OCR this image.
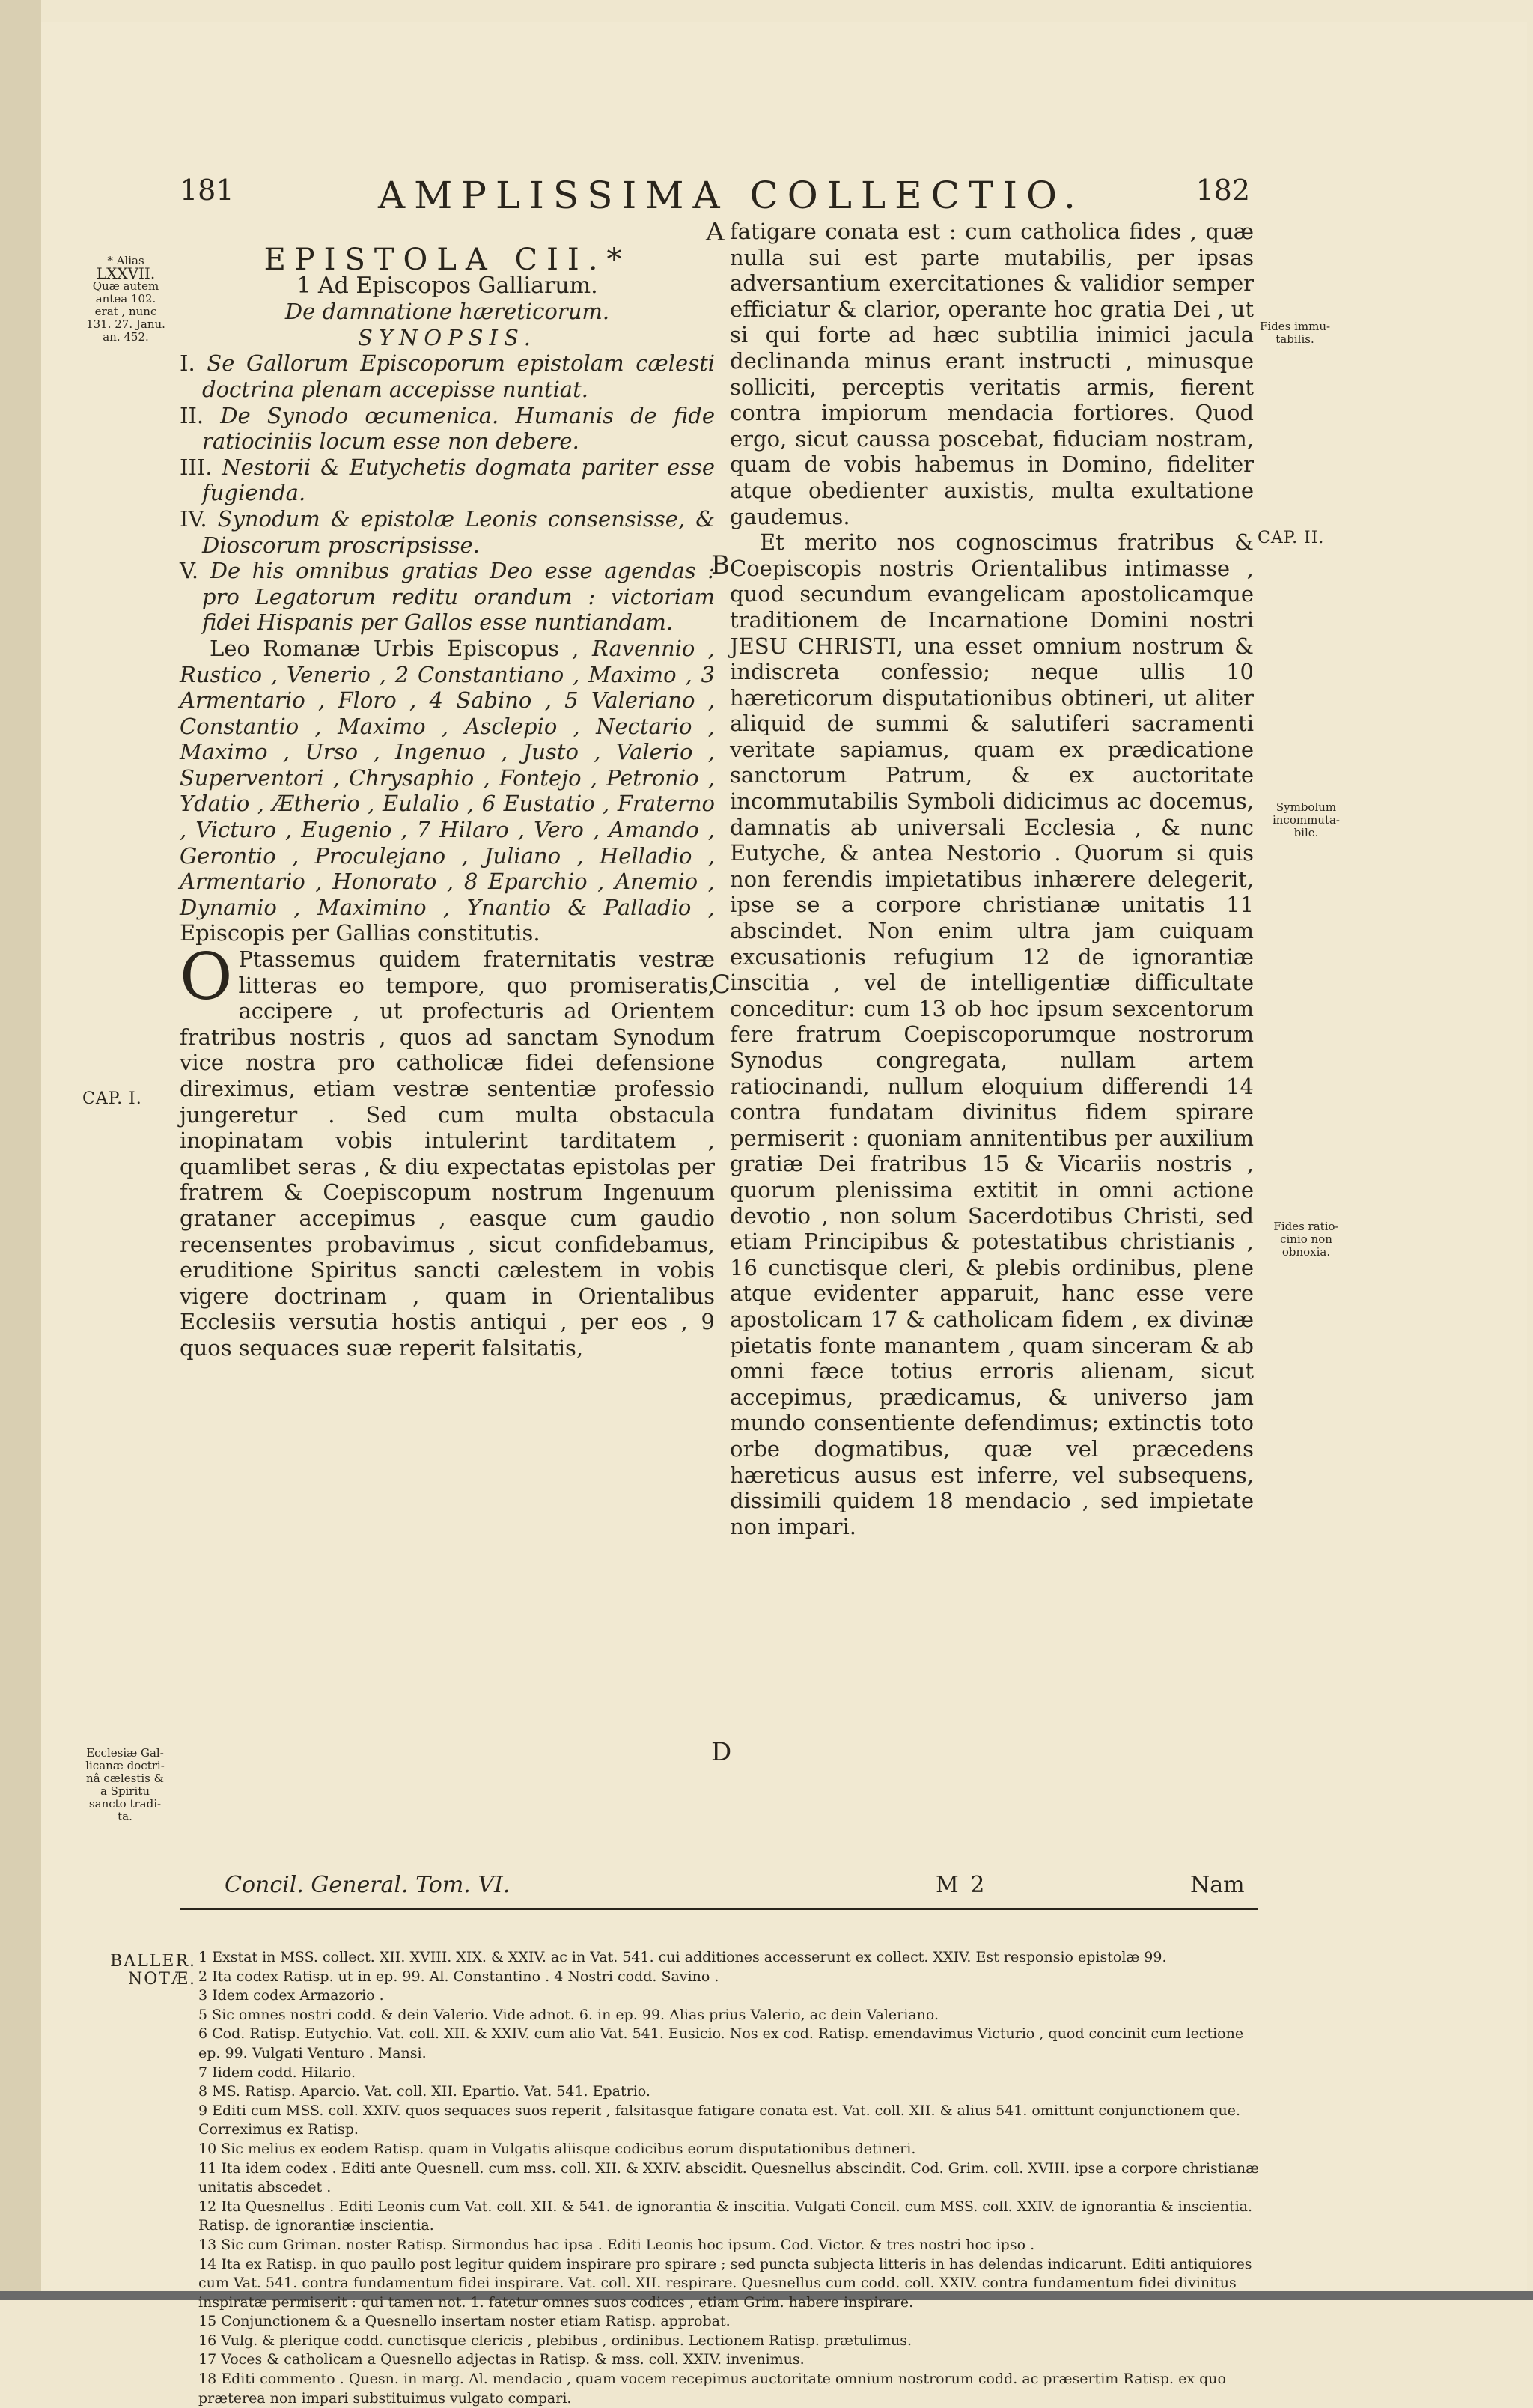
181	AMPLISSIMA COLLECTIO.	182
* Alias
LXXVII.
Quæ autem
antea 102.
erat , nunc
131. 27. Janu.
an. 452.
CAP. I.
Ecclesiæ Gal-
licanæ doctri-
nâ cælestis &
a Spiritu
sancto tradi-
ta.
Fides immu-
tabilis.
CAP. II.
Symbolum
incommuta-
bile.
Fides ratio-
cinio non
obnoxia.
A
B
C
D

EPISTOLA CII.*

1 Ad Episcopos Galliarum.

De damnatione hæreticorum.

SYNOPSIS.

I. Se Gallorum Episcoporum epistolam cælesti doctrina plenam accepisse nuntiat.

II. De Synodo œcumenica. Humanis de fide ratiociniis locum esse non debere.

III. Nestorii & Eutychetis dogmata pariter esse fugienda.

IV. Synodum & epistolæ Leonis consensisse, & Dioscorum proscripsisse.

V. De his omnibus gratias Deo esse agendas : pro Legatorum reditu orandum : victoriam fidei Hispanis per Gallos esse nuntiandam.

Leo Romanæ Urbis Episcopus , Ravennio , Rustico , Venerio , 2 Constantiano , Maximo , 3 Armentario , Floro , 4 Sabino , 5 Valeriano , Constantio , Maximo , Asclepio , Nectario , Maximo , Urso , Ingenuo , Justo , Valerio , Superventori , Chrysaphio , Fontejo , Petronio , Ydatio , Ætherio , Eulalio , 6 Eustatio , Fraterno , Victuro , Eugenio , 7 Hilaro , Vero , Amando , Gerontio , Proculejano , Juliano , Helladio , Armentario , Honorato , 8 Eparchio , Anemio , Dynamio , Maximino , Ynantio & Palladio , Episcopis per Gallias constitutis.

O Ptassemus quidem fraternitatis vestræ litteras eo tempore, quo promiseratis, accipere , ut profecturis ad Orientem fratribus nostris , quos ad sanctam Synodum vice nostra pro catholicæ fidei defensione direximus, etiam vestræ sententiæ professio jungeretur . Sed cum multa obstacula inopinatam vobis intulerint tarditatem , quamlibet seras , & diu expectatas epistolas per fratrem & Coepiscopum nostrum Ingenuum grataner accepimus , easque cum gaudio recensentes probavimus , sicut confidebamus, eruditione Spiritus sancti cælestem in vobis vigere doctrinam , quam in Orientalibus Ecclesiis versutia hostis antiqui , per eos , 9 quos sequaces suæ reperit falsitatis,

fatigare conata est : cum catholica fides , quæ nulla sui est parte mutabilis, per ipsas adversantium exercitationes & validior semper efficiatur & clarior, operante hoc gratia Dei , ut si qui forte ad hæc subtilia inimici jacula declinanda minus erant instructi , minusque solliciti, perceptis veritatis armis, fierent contra impiorum mendacia fortiores. Quod ergo, sicut caussa poscebat, fiduciam nostram, quam de vobis habemus in Domino, fideliter atque obedienter auxistis, multa exultatione gaudemus.

Et merito nos cognoscimus fratribus & Coepiscopis nostris Orientalibus intimasse , quod secundum evangelicam apostolicamque traditionem de Incarnatione Domini nostri JESU CHRISTI, una esset omnium nostrum & indiscreta confessio; neque ullis 10 hæreticorum disputationibus obtineri, ut aliter aliquid de summi & salutiferi sacramenti veritate sapiamus, quam ex prædicatione sanctorum Patrum, & ex auctoritate incommutabilis Symboli didicimus ac docemus, damnatis ab universali Ecclesia , & nunc Eutyche, & antea Nestorio . Quorum si quis non ferendis impietatibus inhærere delegerit, ipse se a corpore christianæ unitatis 11 abscindet. Non enim ultra jam cuiquam excusationis refugium 12 de ignorantiæ inscitia , vel de intelligentiæ difficultate conceditur: cum 13 ob hoc ipsum sexcentorum fere fratrum Coepiscoporumque nostrorum Synodus congregata, nullam artem ratiocinandi, nullum eloquium differendi 14 contra fundatam divinitus fidem spirare permiserit : quoniam annitentibus per auxilium gratiæ Dei fratribus 15 & Vicariis nostris , quorum plenissima extitit in omni actione devotio , non solum Sacerdotibus Christi, sed etiam Principibus & potestatibus christianis , 16 cunctisque cleri, & plebis ordinibus, plene atque evidenter apparuit, hanc esse vere apostolicam 17 & catholicam fidem , ex divinæ pietatis fonte manantem , quam sinceram & ab omni fæce totius erroris alienam, sicut accepimus, prædicamus, & universo jam mundo consentiente defendimus; extinctis toto orbe dogmatibus, quæ vel præcedens hæreticus ausus est inferre, vel subsequens, dissimili quidem 18 mendacio , sed impietate non impari.

Concil. General. Tom. VI.	M 2	Nam
BALLER. NOTÆ.

1 Exstat in MSS. collect. XII. XVIII. XIX. & XXIV. ac in Vat. 541. cui additiones accesserunt ex collect. XXIV. Est responsio epistolæ 99.

2 Ita codex Ratisp. ut in ep. 99. Al. Constantino . 4 Nostri codd. Savino .

3 Idem codex Armazorio .

5 Sic omnes nostri codd. & dein Valerio. Vide adnot. 6. in ep. 99. Alias prius Valerio, ac dein Valeriano.

6 Cod. Ratisp. Eutychio. Vat. coll. XII. & XXIV. cum alio Vat. 541. Eusicio. Nos ex cod. Ratisp. emendavimus Victurio , quod concinit cum lectione ep. 99. Vulgati Venturo . Mansi.

7 Iidem codd. Hilario.

8 MS. Ratisp. Aparcio. Vat. coll. XII. Epartio. Vat. 541. Epatrio.

9 Editi cum MSS. coll. XXIV. quos sequaces suos reperit , falsitasque fatigare conata est. Vat. coll. XII. & alius 541. omittunt conjunctionem que. Correximus ex Ratisp.

10 Sic melius ex eodem Ratisp. quam in Vulgatis aliisque codicibus eorum disputationibus detineri.

11 Ita idem codex . Editi ante Quesnell. cum mss. coll. XII. & XXIV. abscidit. Quesnellus abscindit. Cod. Grim. coll. XVIII. ipse a corpore christianæ unitatis abscedet .

12 Ita Quesnellus . Editi Leonis cum Vat. coll. XII. & 541. de ignorantia & inscitia. Vulgati Concil. cum MSS. coll. XXIV. de ignorantia & inscientia. Ratisp. de ignorantiæ inscientia.

13 Sic cum Griman. noster Ratisp. Sirmondus hac ipsa . Editi Leonis hoc ipsum. Cod. Victor. & tres nostri hoc ipso .

14 Ita ex Ratisp. in quo paullo post legitur quidem inspirare pro spirare ; sed puncta subjecta litteris in has delendas indicarunt. Editi antiquiores cum Vat. 541. contra fundamentum fidei inspirare. Vat. coll. XII. respirare. Quesnellus cum codd. coll. XXIV. contra fundamentum fidei divinitus inspiratæ permiserit : qui tamen not. 1. fatetur omnes suos codices , etiam Grim. habere inspirare.

15 Conjunctionem & a Quesnello insertam noster etiam Ratisp. approbat.

16 Vulg. & plerique codd. cunctisque clericis , plebibus , ordinibus. Lectionem Ratisp. prætulimus.

17 Voces & catholicam a Quesnello adjectas in Ratisp. & mss. coll. XXIV. invenimus.

18 Editi commento . Quesn. in marg. Al. mendacio , quam vocem recepimus auctoritate omnium nostrorum codd. ac præsertim Ratisp. ex quo præterea non impari substituimus vulgato compari.
